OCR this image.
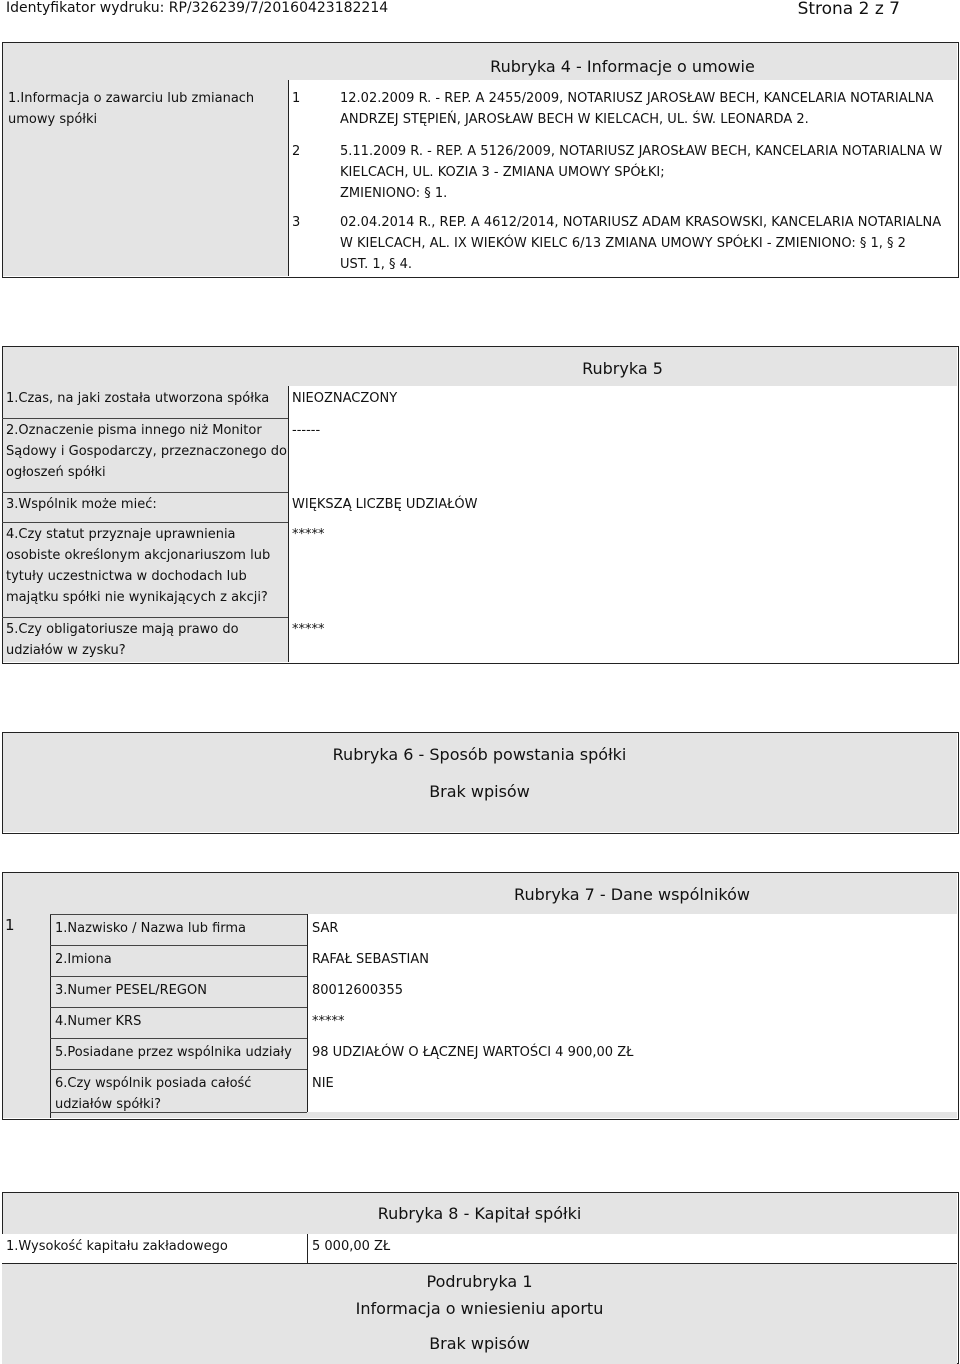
Identyfikator wydruku: RP/326239/7/20160423182214	Strona 2 z 7
Rubryka 4 - Informacje o umowie
1.Informacja o zawarciu lub zmianach
umowy spółki
1	12.02.2009 R. - REP. A 2455/2009, NOTARIUSZ JAROSŁAW BECH, KANCELARIA NOTARIALNA
ANDRZEJ STĘPIEŃ, JAROSŁAW BECH W KIELCACH, UL. ŚW. LEONARDA 2.
2	5.11.2009 R. - REP. A 5126/2009, NOTARIUSZ JAROSŁAW BECH, KANCELARIA NOTARIALNA W
KIELCACH, UL. KOZIA 3 - ZMIANA UMOWY SPÓŁKI;
ZMIENIONO: § 1.
3	02.04.2014 R., REP. A 4612/2014, NOTARIUSZ ADAM KRASOWSKI, KANCELARIA NOTARIALNA
W KIELCACH, AL. IX WIEKÓW KIELC 6/13 ZMIANA UMOWY SPÓŁKI - ZMIENIONO: § 1, § 2
UST. 1, § 4.
Rubryka 5
1.Czas, na jaki została utworzona spółka NIEOZNACZONY
2.Oznaczenie pisma innego niż Monitor
Sądowy i Gospodarczy, przeznaczonego do
ogłoszeń spółki
------
3.Wspólnik może mieć:	WIĘKSZĄ LICZBĘ UDZIAŁÓW
4.Czy statut przyznaje uprawnienia
osobiste określonym akcjonariuszom lub
tytuły uczestnictwa w dochodach lub
majątku spółki nie wynikających z akcji?
*****
5.Czy obligatoriusze mają prawo do
udziałów w zysku?
*****
Rubryka 6 - Sposób powstania spółki
Brak wpisów
Rubryka 7 - Dane wspólników
1	1.Nazwisko / Nazwa lub firma	SAR
2.Imiona	RAFAŁ SEBASTIAN
3.Numer PESEL/REGON	80012600355
4.Numer KRS	*****
5.Posiadane przez wspólnika udziały 98 UDZIAŁÓW O ŁĄCZNEJ WARTOŚCI 4 900,00 ZŁ
6.Czy wspólnik posiada całość
udziałów spółki?
NIE
Rubryka 8 - Kapitał spółki
1.Wysokość kapitału zakładowego	5 000,00 ZŁ
Podrubryka 1
Informacja o wniesieniu aportu
Brak wpisów
